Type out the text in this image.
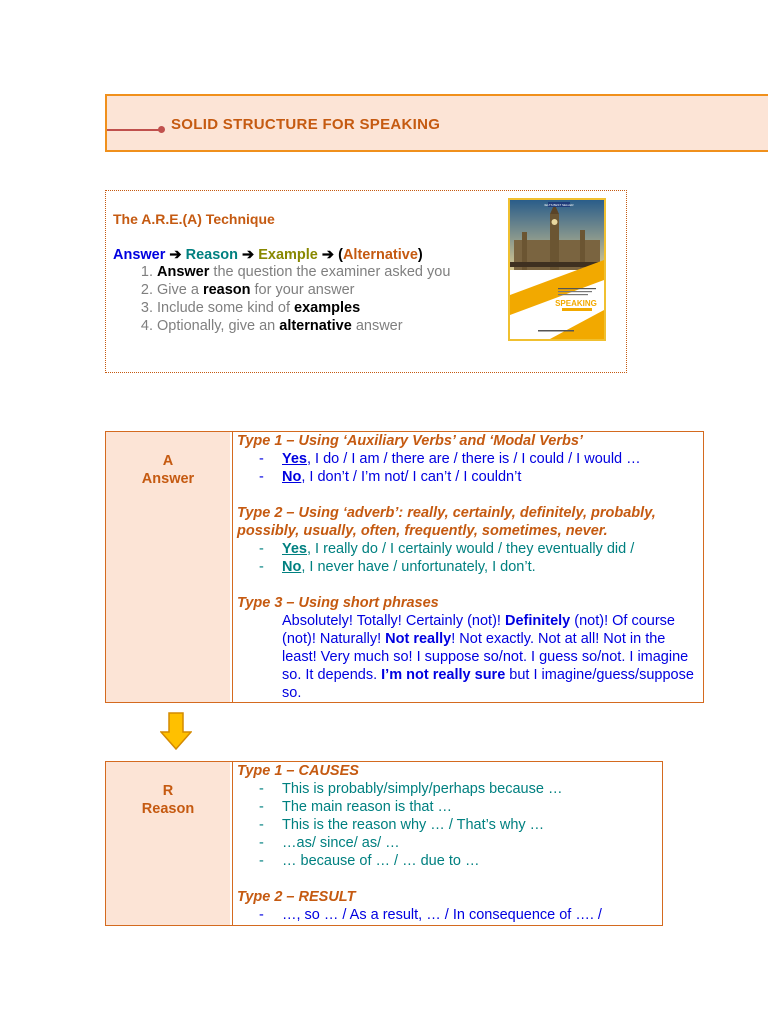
SOLID STRUCTURE FOR SPEAKING
The A.R.E.(A) Technique
Answer ➔ Reason ➔ Example ➔ (Alternative)
1. Answer the question the examiner asked you
2. Give a reason for your answer
3. Include some kind of examples
4. Optionally, give an alternative answer
IELTS BEST SELLER
SPEAKING
A
Answer
Type 1 – Using ‘Auxiliary Verbs’ and ‘Modal Verbs’
- Yes, I do / I am / there are / there is / I could / I would …
- No, I don’t / I’m not/ I can’t / I couldn’t
Type 2 – Using ‘adverb’: really, certainly, definitely, probably, possibly, usually, often, frequently, sometimes, never.
- Yes, I really do / I certainly would / they eventually did /
- No, I never have / unfortunately, I don’t.
Type 3 – Using short phrases
Absolutely! Totally! Certainly (not)! Definitely (not)! Of course (not)! Naturally! Not really! Not exactly. Not at all! Not in the least! Very much so! I suppose so/not. I guess so/not. I imagine so. It depends. I’m not really sure but I imagine/guess/suppose so.
R
Reason
Type 1 – CAUSES
- This is probably/simply/perhaps because …
- The main reason is that …
- This is the reason why … / That’s why …
- …as/ since/ as/ …
- … because of … / … due to …
Type 2 – RESULT
- …, so … / As a result, … / In consequence of …. /
